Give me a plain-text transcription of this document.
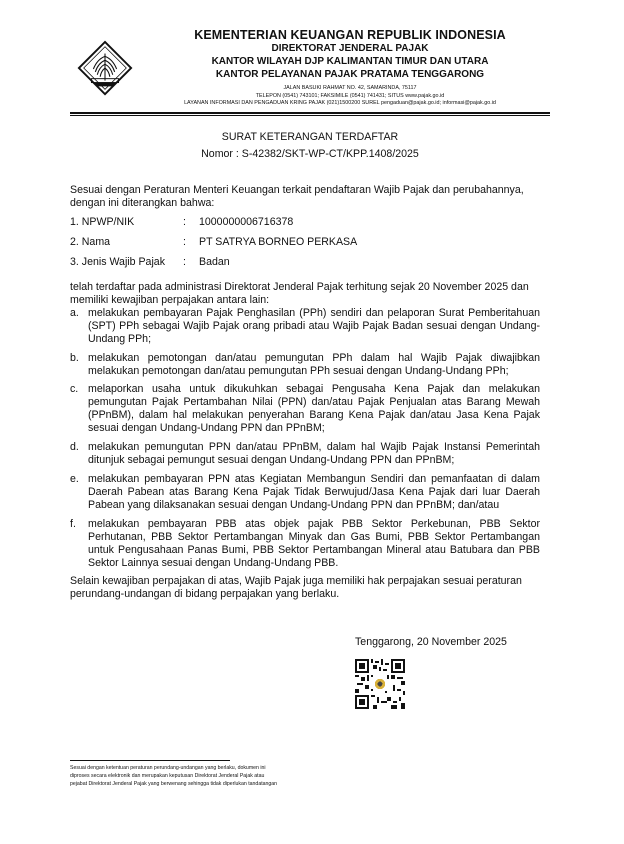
KEMENTERIAN KEUANGAN REPUBLIK INDONESIA
DIREKTORAT JENDERAL PAJAK
KANTOR WILAYAH DJP KALIMANTAN TIMUR DAN UTARA
KANTOR PELAYANAN PAJAK PRATAMA TENGGARONG
JALAN BASUKI RAHMAT NO. 42, SAMARINDA, 75117
TELEPON (0541) 743101; FAKSIMILE (0541) 741431; SITUS www.pajak.go.id
LAYANAN INFORMASI DAN PENGADUAN KRING PAJAK (021)1500200 SUREL pengaduan@pajak.go.id; informasi@pajak.go.id
SURAT KETERANGAN TERDAFTAR
Nomor : S-42382/SKT-WP-CT/KPP.1408/2025
Sesuai dengan Peraturan Menteri Keuangan terkait pendaftaran Wajib Pajak dan perubahannya,
dengan ini diterangkan bahwa:
1. NPWP/NIK	: 1000000006716378
2. Nama	: PT SATRYA BORNEO PERKASA
3. Jenis Wajib Pajak : Badan
telah terdaftar pada administrasi Direktorat Jenderal Pajak terhitung sejak 20 November 2025 dan
memiliki kewajiban perpajakan antara lain:
a. melakukan pembayaran Pajak Penghasilan (PPh) sendiri dan pelaporan Surat Pemberitahuan (SPT) PPh sebagai Wajib Pajak orang pribadi atau Wajib Pajak Badan sesuai dengan Undang-Undang PPh;
b. melakukan pemotongan dan/atau pemungutan PPh dalam hal Wajib Pajak diwajibkan melakukan pemotongan dan/atau pemungutan PPh sesuai dengan Undang-Undang PPh;
c. melaporkan usaha untuk dikukuhkan sebagai Pengusaha Kena Pajak dan melakukan pemungutan Pajak Pertambahan Nilai (PPN) dan/atau Pajak Penjualan atas Barang Mewah (PPnBM), dalam hal melakukan penyerahan Barang Kena Pajak dan/atau Jasa Kena Pajak sesuai dengan Undang-Undang PPN dan PPnBM;
d. melakukan pemungutan PPN dan/atau PPnBM, dalam hal Wajib Pajak Instansi Pemerintah ditunjuk sebagai pemungut sesuai dengan Undang-Undang PPN dan PPnBM;
e. melakukan pembayaran PPN atas Kegiatan Membangun Sendiri dan pemanfaatan di dalam Daerah Pabean atas Barang Kena Pajak Tidak Berwujud/Jasa Kena Pajak dari luar Daerah Pabean yang dilaksanakan sesuai dengan Undang-Undang PPN dan PPnBM; dan/atau
f. melakukan pembayaran PBB atas objek pajak PBB Sektor Perkebunan, PBB Sektor Perhutanan, PBB Sektor Pertambangan Minyak dan Gas Bumi, PBB Sektor Pertambangan untuk Pengusahaan Panas Bumi, PBB Sektor Pertambangan Mineral atau Batubara dan PBB Sektor Lainnya sesuai dengan Undang-Undang PBB.
Selain kewajiban perpajakan di atas, Wajib Pajak juga memiliki hak perpajakan sesuai peraturan
perundang-undangan di bidang perpajakan yang berlaku.
Tenggarong, 20 November 2025
Sesuai dengan ketentuan peraturan perundang-undangan yang berlaku, dokumen ini
diproses secara elektronik dan merupakan keputusan Direktorat Jenderal Pajak atau
pejabat Direktorat Jenderal Pajak yang berwenang sehingga tidak diperlukan tandatangan
